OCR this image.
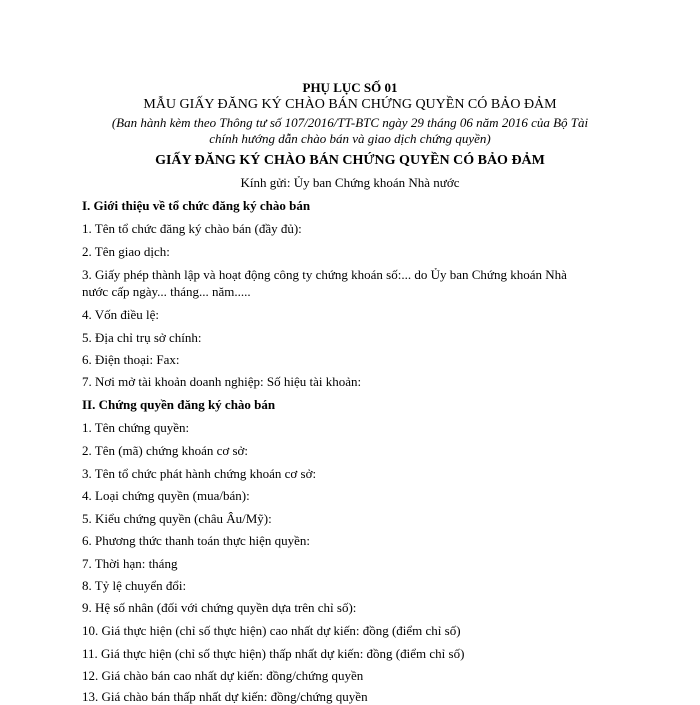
PHỤ LỤC SỐ 01
MẪU GIẤY ĐĂNG KÝ CHÀO BÁN CHỨNG QUYỀN CÓ BẢO ĐẢM
(Ban hành kèm theo Thông tư số 107/2016/TT-BTC ngày 29 tháng 06 năm 2016 của Bộ Tài
chính hướng dẫn chào bán và giao dịch chứng quyền)
GIẤY ĐĂNG KÝ CHÀO BÁN CHỨNG QUYỀN CÓ BẢO ĐẢM
Kính gửi: Ủy ban Chứng khoán Nhà nước
I. Giới thiệu về tổ chức đăng ký chào bán
1. Tên tổ chức đăng ký chào bán (đầy đủ):
2. Tên giao dịch:
3. Giấy phép thành lập và hoạt động công ty chứng khoán số:... do Ủy ban Chứng khoán Nhà
nước cấp ngày... tháng... năm.....
4. Vốn điều lệ:
5. Địa chỉ trụ sở chính:
6. Điện thoại: Fax:
7. Nơi mở tài khoản doanh nghiệp: Số hiệu tài khoản:
II. Chứng quyền đăng ký chào bán
1. Tên chứng quyền:
2. Tên (mã) chứng khoán cơ sở:
3. Tên tổ chức phát hành chứng khoán cơ sở:
4. Loại chứng quyền (mua/bán):
5. Kiểu chứng quyền (châu Âu/Mỹ):
6. Phương thức thanh toán thực hiện quyền:
7. Thời hạn: tháng
8. Tỷ lệ chuyển đổi:
9. Hệ số nhân (đối với chứng quyền dựa trên chỉ số):
10. Giá thực hiện (chỉ số thực hiện) cao nhất dự kiến: đồng (điểm chỉ số)
11. Giá thực hiện (chỉ số thực hiện) thấp nhất dự kiến: đồng (điểm chỉ số)
12. Giá chào bán cao nhất dự kiến: đồng/chứng quyền
13. Giá chào bán thấp nhất dự kiến: đồng/chứng quyền
